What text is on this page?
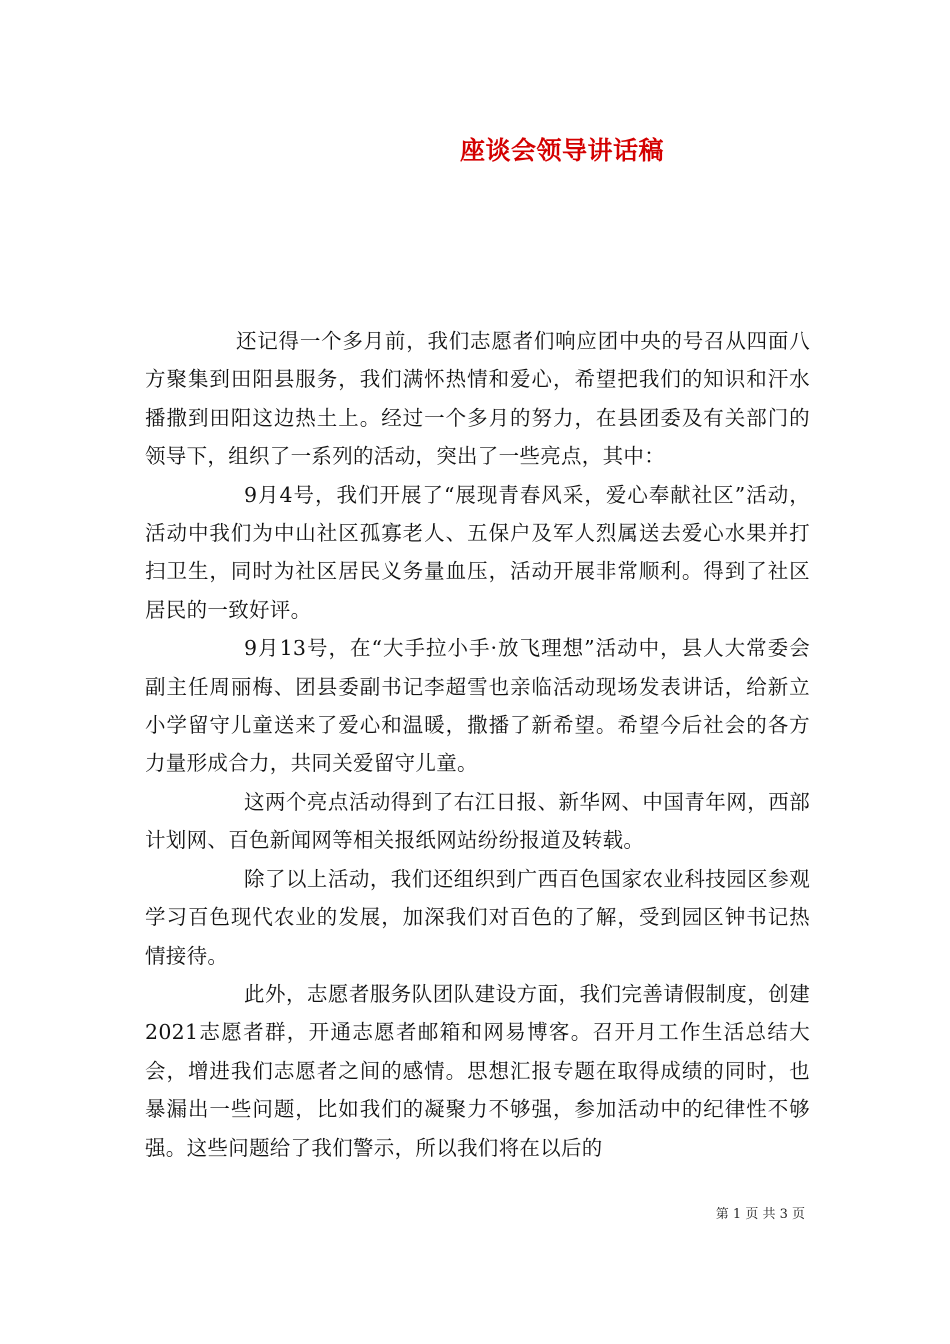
座谈会领导讲话稿

还记得一个多月前，我们志愿者们响应团中央的号召从四面八方聚集到田阳县服务，我们满怀热情和爱心，希望把我们的知识和汗水播撒到田阳这边热土上。经过一个多月的努力，在县团委及有关部门的领导下，组织了一系列的活动，突出了一些亮点，其中：

9月4号，我们开展了“展现青春风采，爱心奉献社区”活动，活动中我们为中山社区孤寡老人、五保户及军人烈属送去爱心水果并打扫卫生，同时为社区居民义务量血压，活动开展非常顺利。得到了社区居民的一致好评。

9月13号，在“大手拉小手·放飞理想”活动中，县人大常委会副主任周丽梅、团县委副书记李超雪也亲临活动现场发表讲话，给新立小学留守儿童送来了爱心和温暖，撒播了新希望。希望今后社会的各方力量形成合力，共同关爱留守儿童。

这两个亮点活动得到了右江日报、新华网、中国青年网，西部计划网、百色新闻网等相关报纸网站纷纷报道及转载。

除了以上活动，我们还组织到广西百色国家农业科技园区参观学习百色现代农业的发展，加深我们对百色的了解，受到园区钟书记热情接待。

此外，志愿者服务队团队建设方面，我们完善请假制度，创建2021志愿者群，开通志愿者邮箱和网易博客。召开月工作生活总结大会，增进我们志愿者之间的感情。思想汇报专题在取得成绩的同时，也暴漏出一些问题，比如我们的凝聚力不够强，参加活动中的纪律性不够强。这些问题给了我们警示，所以我们将在以后的

第 1 页 共 3 页
